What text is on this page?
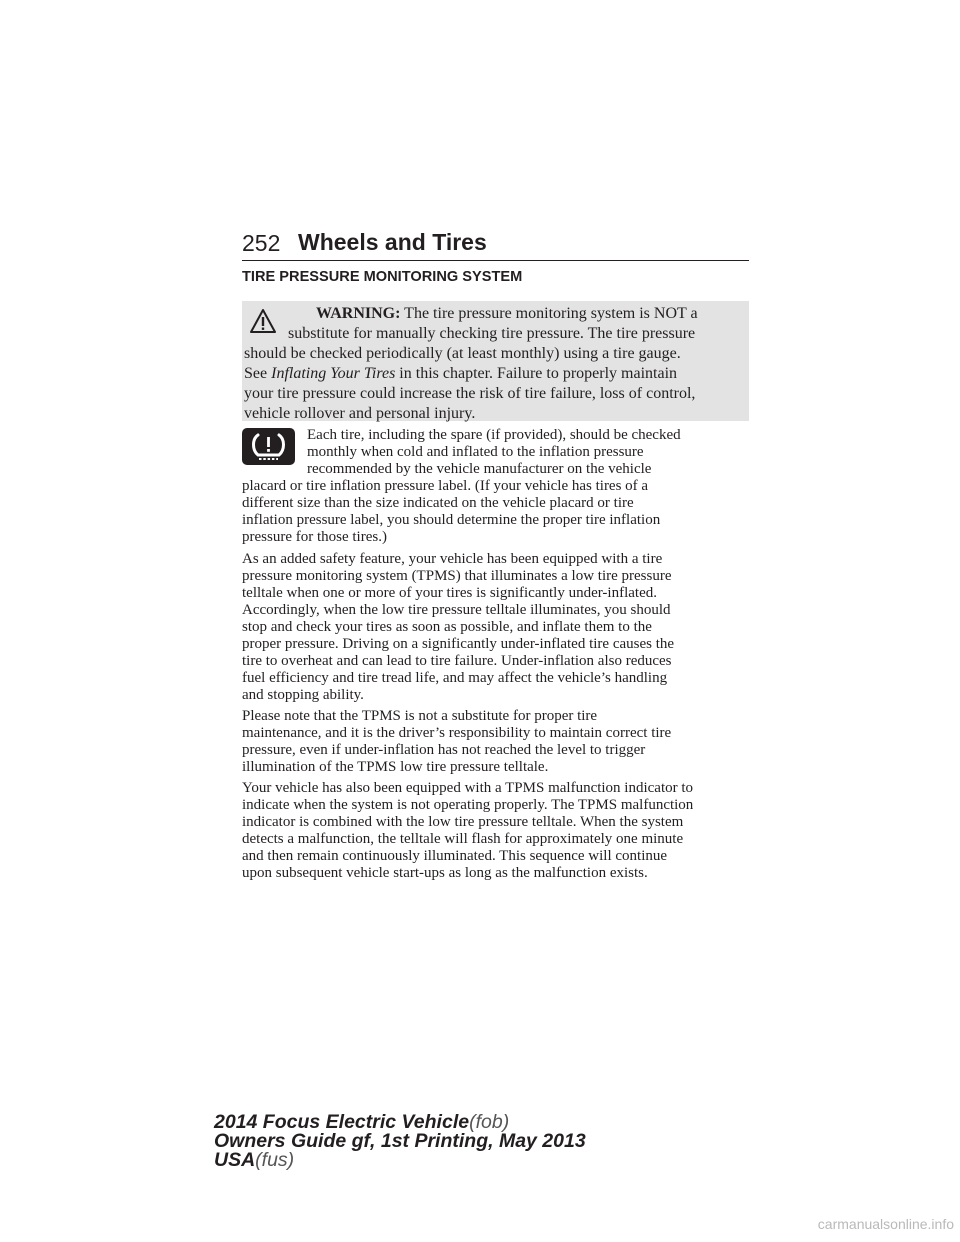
252 Wheels and Tires
TIRE PRESSURE MONITORING SYSTEM
WARNING: The tire pressure monitoring system is NOT a
substitute for manually checking tire pressure. The tire pressure
should be checked periodically (at least monthly) using a tire gauge.
See Inflating Your Tires in this chapter. Failure to properly maintain
your tire pressure could increase the risk of tire failure, loss of control,
vehicle rollover and personal injury.
Each tire, including the spare (if provided), should be checked
monthly when cold and inflated to the inflation pressure
recommended by the vehicle manufacturer on the vehicle
placard or tire inflation pressure label. (If your vehicle has tires of a
different size than the size indicated on the vehicle placard or tire
inflation pressure label, you should determine the proper tire inflation
pressure for those tires.)
As an added safety feature, your vehicle has been equipped with a tire
pressure monitoring system (TPMS) that illuminates a low tire pressure
telltale when one or more of your tires is significantly under-inflated.
Accordingly, when the low tire pressure telltale illuminates, you should
stop and check your tires as soon as possible, and inflate them to the
proper pressure. Driving on a significantly under-inflated tire causes the
tire to overheat and can lead to tire failure. Under-inflation also reduces
fuel efficiency and tire tread life, and may affect the vehicle’s handling
and stopping ability.
Please note that the TPMS is not a substitute for proper tire
maintenance, and it is the driver’s responsibility to maintain correct tire
pressure, even if under-inflation has not reached the level to trigger
illumination of the TPMS low tire pressure telltale.
Your vehicle has also been equipped with a TPMS malfunction indicator to
indicate when the system is not operating properly. The TPMS malfunction
indicator is combined with the low tire pressure telltale. When the system
detects a malfunction, the telltale will flash for approximately one minute
and then remain continuously illuminated. This sequence will continue
upon subsequent vehicle start-ups as long as the malfunction exists.
2014 Focus Electric Vehicle(fob)
Owners Guide gf, 1st Printing, May 2013
USA(fus)
carmanualsonline.info
